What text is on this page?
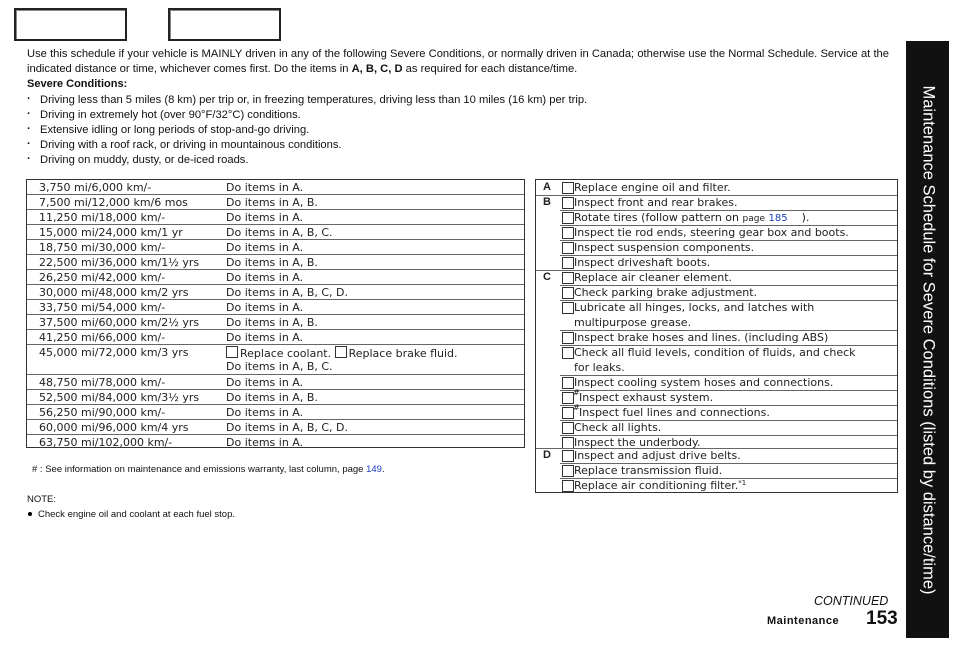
Use this schedule if your vehicle is MAINLY driven in any of the following Severe Conditions, or normally driven in Canada; otherwise use the Normal Schedule. Service at the indicated distance or time, whichever comes first. Do the items in A, B, C, D as required for each distance/time.
Severe Conditions:
· Driving less than 5 miles (8 km) per trip or, in freezing temperatures, driving less than 10 miles (16 km) per trip.
· Driving in extremely hot (over 90°F/32°C) conditions.
· Extensive idling or long periods of stop-and-go driving.
· Driving with a roof rack, or driving in mountainous conditions.
· Driving on muddy, dusty, or de-iced roads.
3,750 mi/6,000 km/-	Do items in A.
7,500 mi/12,000 km/6 mos	Do items in A, B.
11,250 mi/18,000 km/-	Do items in A.
15,000 mi/24,000 km/1 yr	Do items in A, B, C.
18,750 mi/30,000 km/-	Do items in A.
22,500 mi/36,000 km/1½ yrs Do items in A, B.
26,250 mi/42,000 km/-	Do items in A.
30,000 mi/48,000 km/2 yrs	Do items in A, B, C, D.
33,750 mi/54,000 km/-	Do items in A.
37,500 mi/60,000 km/2½ yrs Do items in A, B.
41,250 mi/66,000 km/-	Do items in A.
45,000 mi/72,000 km/3 yrs	Replace coolant. Replace brake fluid.
Do items in A, B, C.
48,750 mi/78,000 km/-	Do items in A.
52,500 mi/84,000 km/3½ yrs Do items in A, B.
56,250 mi/90,000 km/-	Do items in A.
60,000 mi/96,000 km/4 yrs	Do items in A, B, C, D.
63,750 mi/102,000 km/-	Do items in A.
A Replace engine oil and filter.
B Inspect front and rear brakes.
Rotate tires (follow pattern on page 185 ).
Inspect tie rod ends, steering gear box and boots.
Inspect suspension components.
Inspect driveshaft boots.
C Replace air cleaner element.
Check parking brake adjustment.
Lubricate all hinges, locks, and latches with
multipurpose grease.
Inspect brake hoses and lines. (including ABS)
Check all fluid levels, condition of fluids, and check
for leaks.
Inspect cooling system hoses and connections.
# Inspect exhaust system.
# Inspect fuel lines and connections.
Check all lights.
Inspect the underbody.
D Inspect and adjust drive belts.
Replace transmission fluid.
Replace air conditioning filter.$^{*1}$
# : See information on maintenance and emissions warranty, last column, page 149.
NOTE:
Check engine oil and coolant at each fuel stop.	Maintenance Schedule for Severe Conditions (listed by distance/time)
CONTINUED
Maintenance 153
